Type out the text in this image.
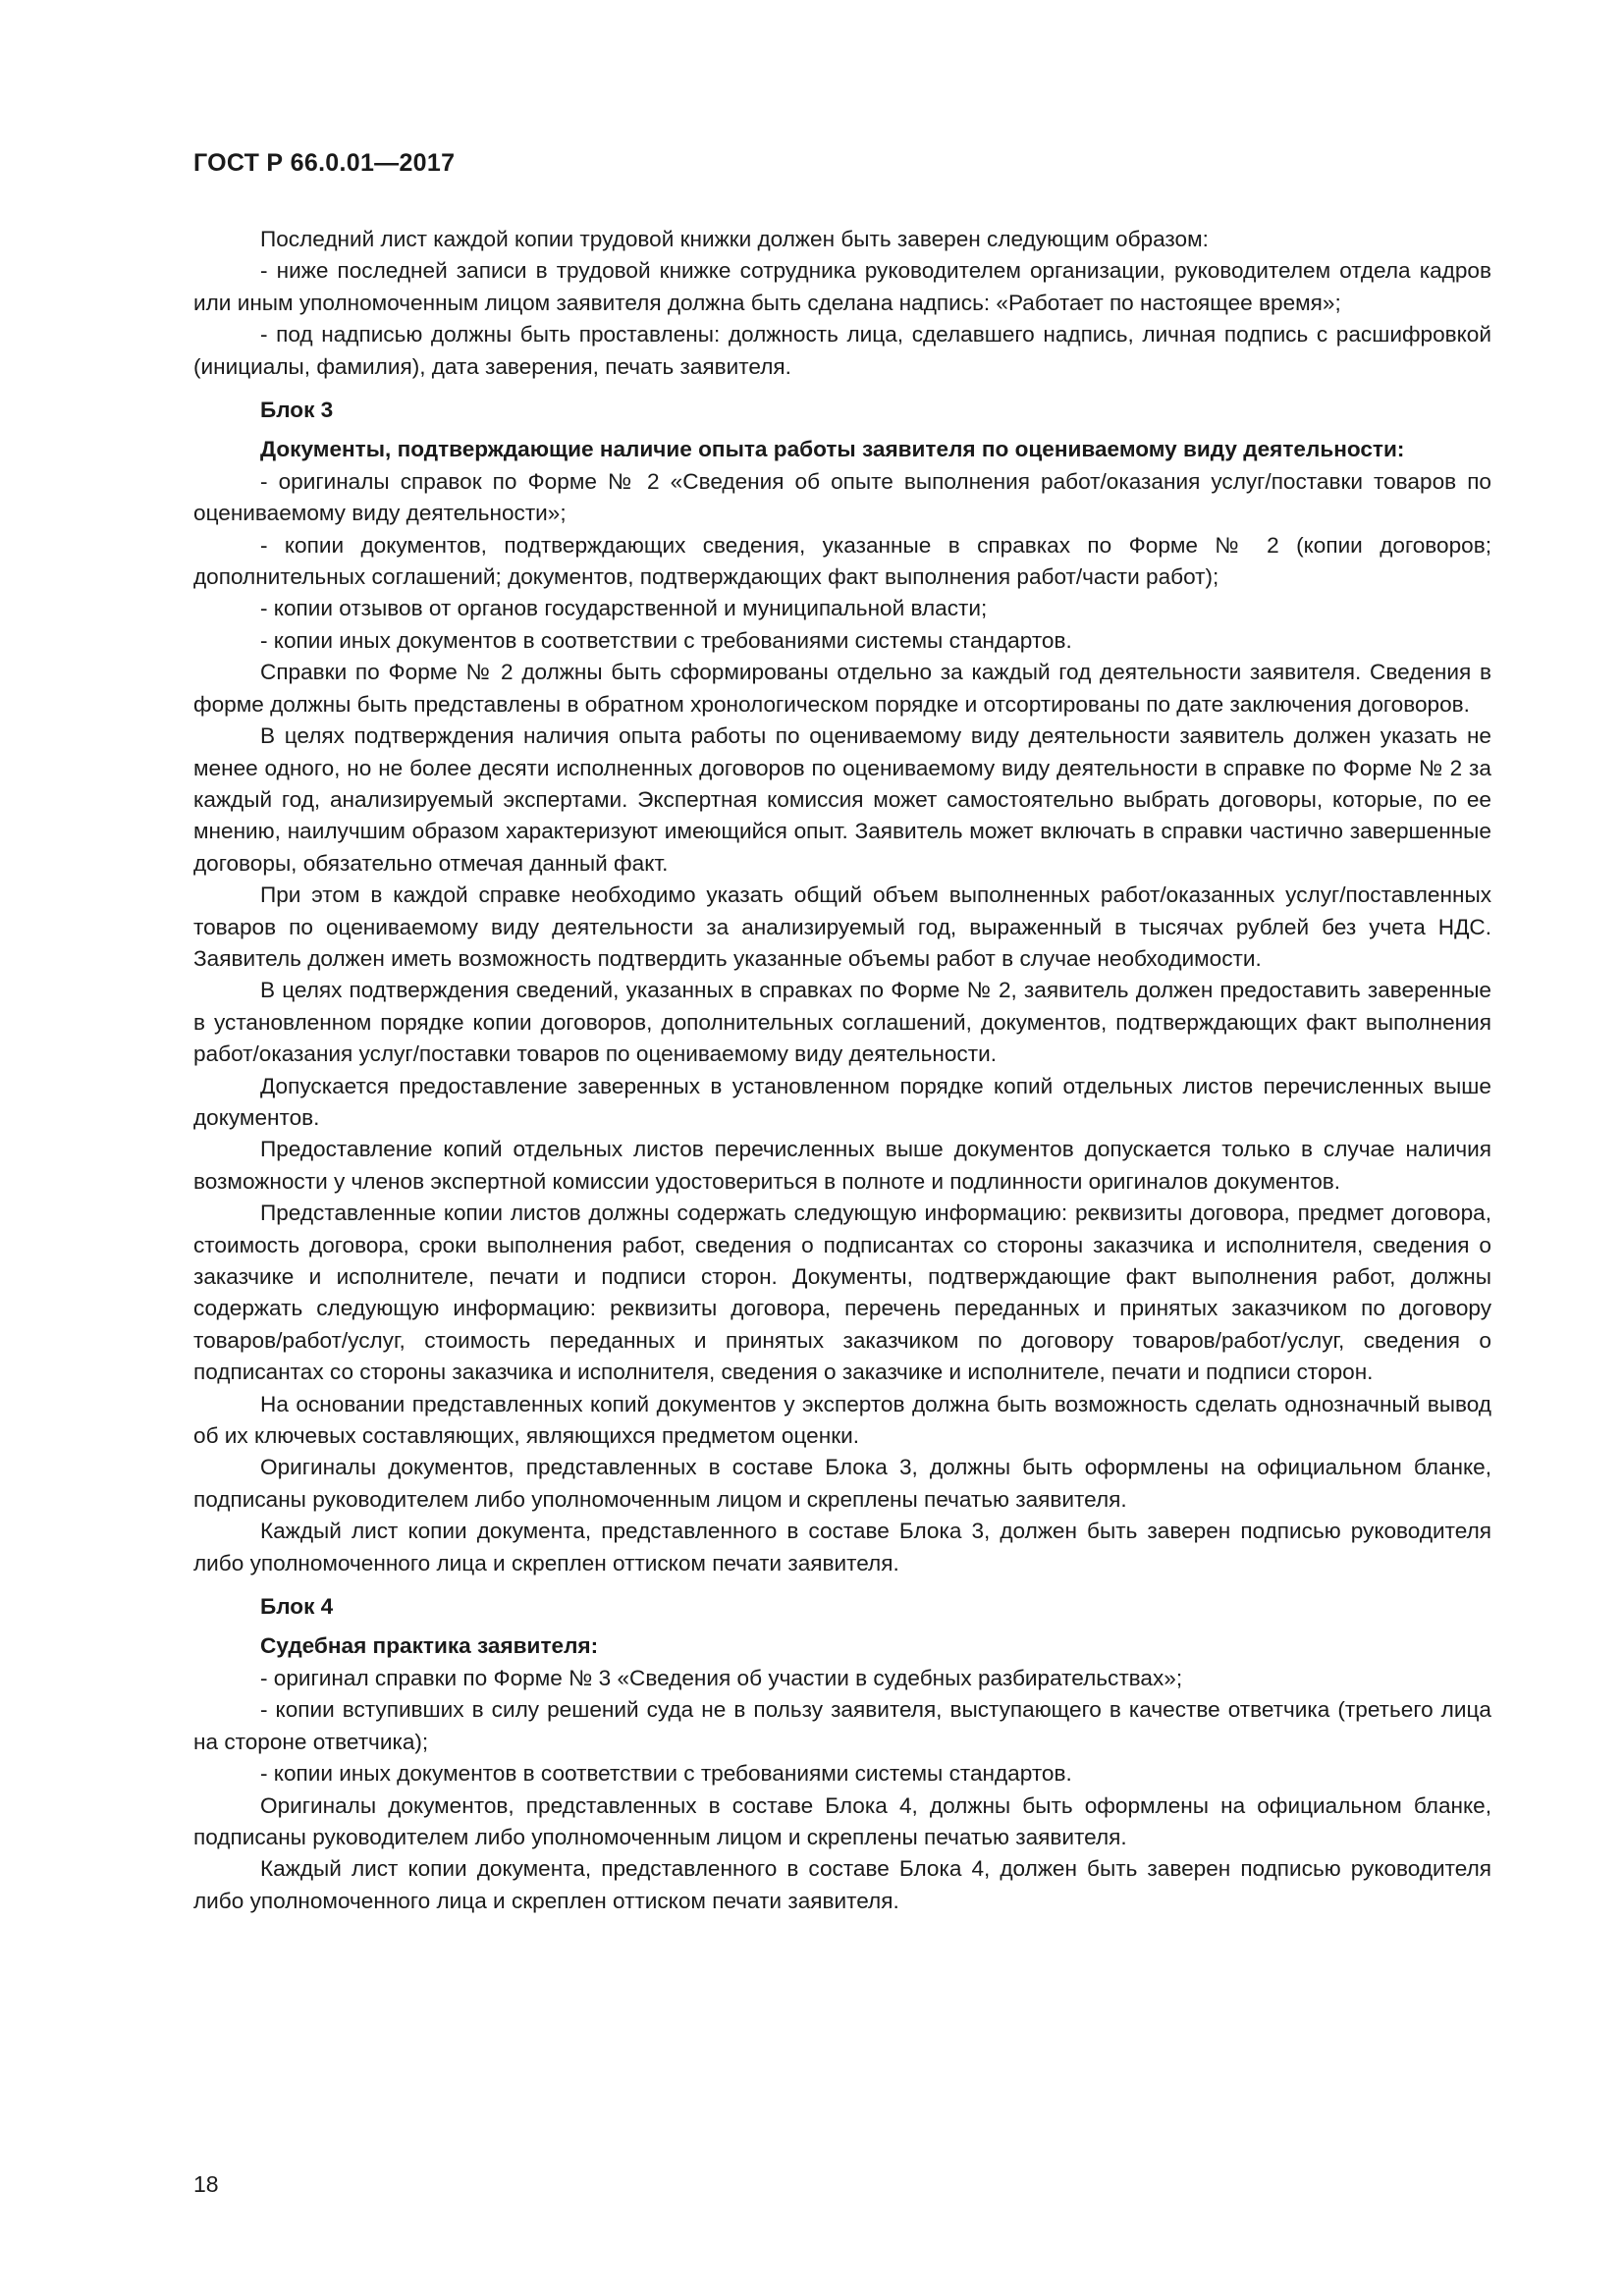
ГОСТ Р 66.0.01—2017

Последний лист каждой копии трудовой книжки должен быть заверен следующим образом:

- ниже последней записи в трудовой книжке сотрудника руководителем организации, руководителем отдела кадров или иным уполномоченным лицом заявителя должна быть сделана надпись: «Работает по настоящее время»;

- под надписью должны быть проставлены: должность лица, сделавшего надпись, личная подпись с расшифровкой (инициалы, фамилия), дата заверения, печать заявителя.

Блок 3

Документы, подтверждающие наличие опыта работы заявителя по оцениваемому виду деятельности:

- оригиналы справок по Форме № 2 «Сведения об опыте выполнения работ/оказания услуг/поставки товаров по оцениваемому виду деятельности»;

- копии документов, подтверждающих сведения, указанные в справках по Форме № 2 (копии договоров; дополнительных соглашений; документов, подтверждающих факт выполнения работ/части работ);

- копии отзывов от органов государственной и муниципальной власти;

- копии иных документов в соответствии с требованиями системы стандартов.

Справки по Форме № 2 должны быть сформированы отдельно за каждый год деятельности заявителя. Сведения в форме должны быть представлены в обратном хронологическом порядке и отсортированы по дате заключения договоров.

В целях подтверждения наличия опыта работы по оцениваемому виду деятельности заявитель должен указать не менее одного, но не более десяти исполненных договоров по оцениваемому виду деятельности в справке по Форме № 2 за каждый год, анализируемый экспертами. Экспертная комиссия может самостоятельно выбрать договоры, которые, по ее мнению, наилучшим образом характеризуют имеющийся опыт. Заявитель может включать в справки частично завершенные договоры, обязательно отмечая данный факт.

При этом в каждой справке необходимо указать общий объем выполненных работ/оказанных услуг/поставленных товаров по оцениваемому виду деятельности за анализируемый год, выраженный в тысячах рублей без учета НДС. Заявитель должен иметь возможность подтвердить указанные объемы работ в случае необходимости.

В целях подтверждения сведений, указанных в справках по Форме № 2, заявитель должен предоставить заверенные в установленном порядке копии договоров, дополнительных соглашений, документов, подтверждающих факт выполнения работ/оказания услуг/поставки товаров по оцениваемому виду деятельности.

Допускается предоставление заверенных в установленном порядке копий отдельных листов перечисленных выше документов.

Предоставление копий отдельных листов перечисленных выше документов допускается только в случае наличия возможности у членов экспертной комиссии удостовериться в полноте и подлинности оригиналов документов.

Представленные копии листов должны содержать следующую информацию: реквизиты договора, предмет договора, стоимость договора, сроки выполнения работ, сведения о подписантах со стороны заказчика и исполнителя, сведения о заказчике и исполнителе, печати и подписи сторон. Документы, подтверждающие факт выполнения работ, должны содержать следующую информацию: реквизиты договора, перечень переданных и принятых заказчиком по договору товаров/работ/услуг, стоимость переданных и принятых заказчиком по договору товаров/работ/услуг, сведения о подписантах со стороны заказчика и исполнителя, сведения о заказчике и исполнителе, печати и подписи сторон.

На основании представленных копий документов у экспертов должна быть возможность сделать однозначный вывод об их ключевых составляющих, являющихся предметом оценки.

Оригиналы документов, представленных в составе Блока 3, должны быть оформлены на официальном бланке, подписаны руководителем либо уполномоченным лицом и скреплены печатью заявителя.

Каждый лист копии документа, представленного в составе Блока 3, должен быть заверен подписью руководителя либо уполномоченного лица и скреплен оттиском печати заявителя.

Блок 4

Судебная практика заявителя:

- оригинал справки по Форме № 3 «Сведения об участии в судебных разбирательствах»;

- копии вступивших в силу решений суда не в пользу заявителя, выступающего в качестве ответчика (третьего лица на стороне ответчика);

- копии иных документов в соответствии с требованиями системы стандартов.

Оригиналы документов, представленных в составе Блока 4, должны быть оформлены на официальном бланке, подписаны руководителем либо уполномоченным лицом и скреплены печатью заявителя.

Каждый лист копии документа, представленного в составе Блока 4, должен быть заверен подписью руководителя либо уполномоченного лица и скреплен оттиском печати заявителя.

18
